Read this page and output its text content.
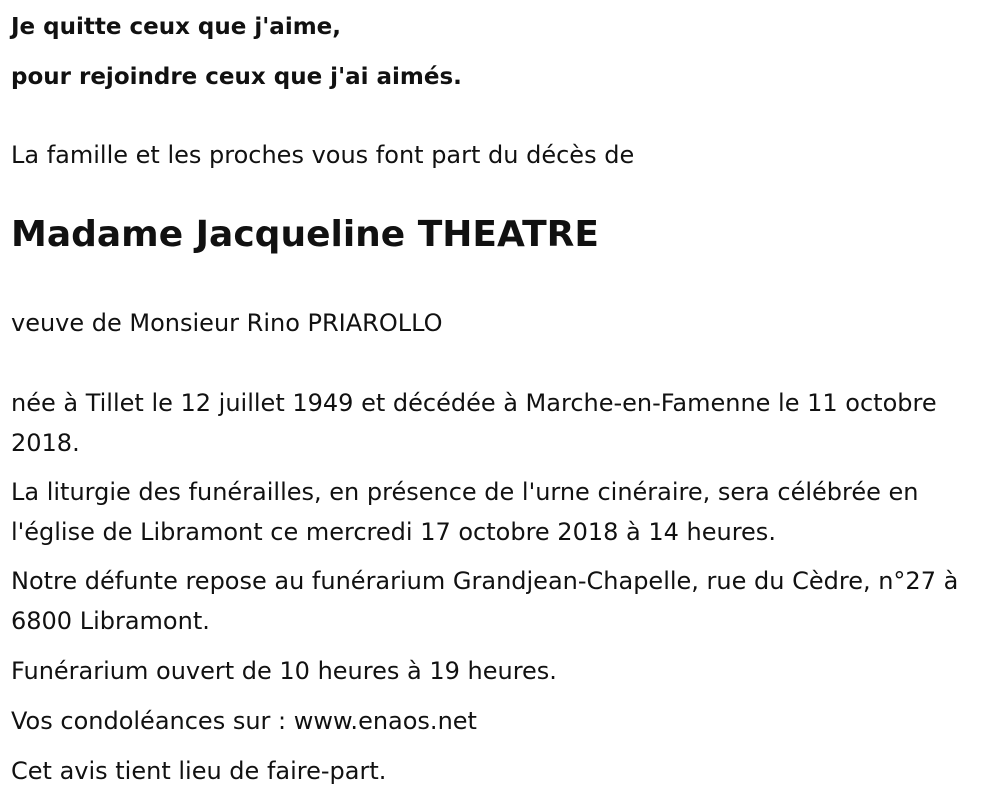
Je quitte ceux que j'aime,

pour rejoindre ceux que j'ai aimés.

La famille et les proches vous font part du décès de

Madame Jacqueline THEATRE

veuve de Monsieur Rino PRIAROLLO

née à Tillet le 12 juillet 1949 et décédée à Marche-en-Famenne le 11 octobre 2018.

La liturgie des funérailles, en présence de l'urne cinéraire, sera célébrée en l'église de Libramont ce mercredi 17 octobre 2018 à 14 heures.

Notre défunte repose au funérarium Grandjean-Chapelle, rue du Cèdre, n°27 à 6800 Libramont.

Funérarium ouvert de 10 heures à 19 heures.

Vos condoléances sur : www.enaos.net

Cet avis tient lieu de faire-part.
